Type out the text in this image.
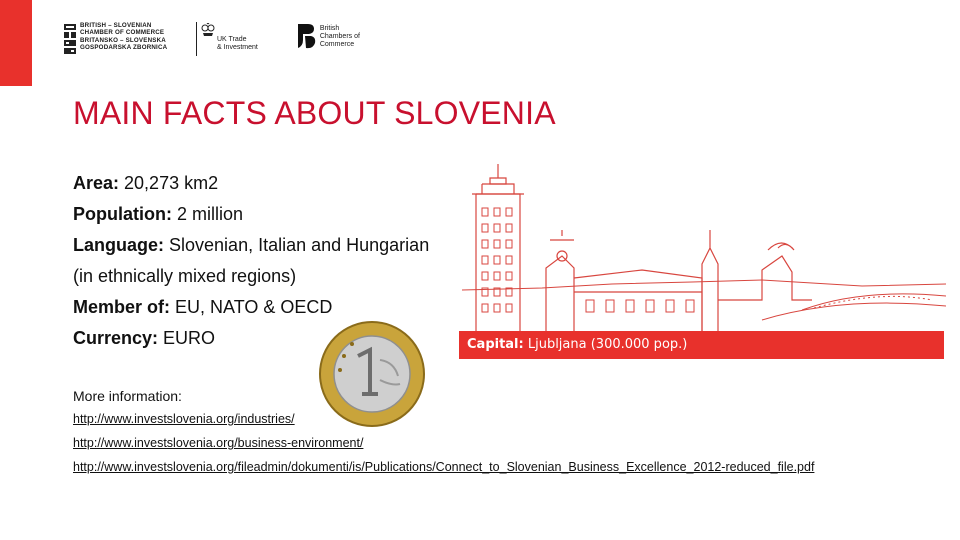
BRITISH – SLOVENIAN
CHAMBER OF COMMERCE
BRITANSKO – SLOVENSKA
GOSPODARSKA ZBORNICA
UK Trade
& Investment
British
Chambers of
Commerce
MAIN FACTS ABOUT SLOVENIA
Area: 20,273 km2
Population: 2 million
Language: Slovenian, Italian and Hungarian (in ethnically mixed regions)
Member of: EU, NATO & OECD
Currency: EURO	Capital: Ljubljana (300.000 pop.)
More information:
http://www.investslovenia.org/industries/
http://www.investslovenia.org/business-environment/
http://www.investslovenia.org/fileadmin/dokumenti/is/Publications/Connect_to_Slovenian_Business_Excellence_2012-reduced_file.pdf
